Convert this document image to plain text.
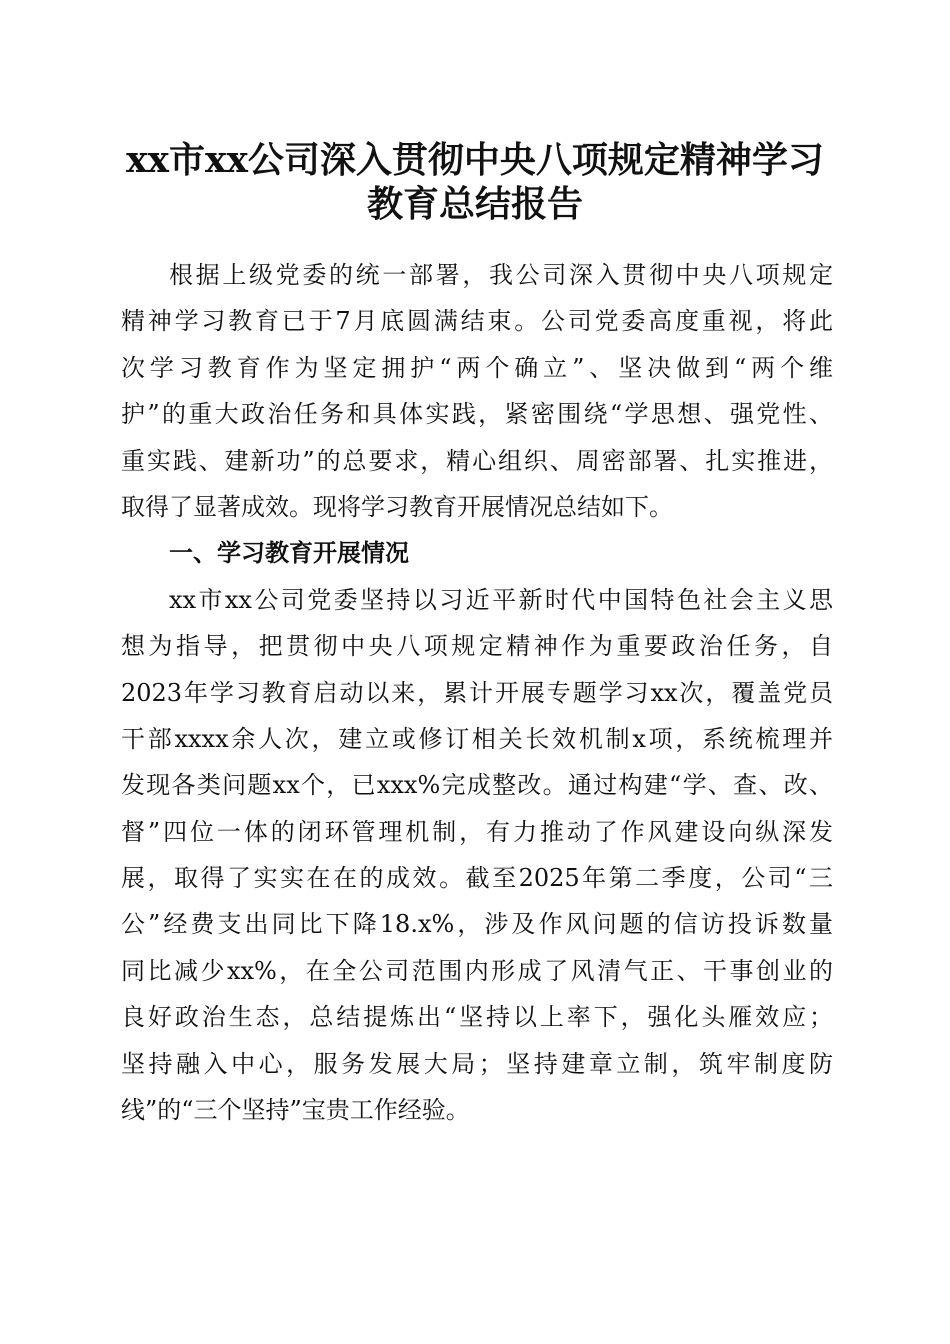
xx市xx公司深入贯彻中央八项规定精神学习
教育总结报告
根据上级党委的统一部署，我公司深入贯彻中央八项规定
精神学习教育已于7月底圆满结束。公司党委高度重视，将此
次学习教育作为坚定拥护“两个确立”、坚决做到“两个维
护”的重大政治任务和具体实践，紧密围绕“学思想、强党性、
重实践、建新功”的总要求，精心组织、周密部署、扎实推进，
取得了显著成效。现将学习教育开展情况总结如下。
一、学习教育开展情况
xx市xx公司党委坚持以习近平新时代中国特色社会主义思
想为指导，把贯彻中央八项规定精神作为重要政治任务，自
2023年学习教育启动以来，累计开展专题学习xx次，覆盖党员
干部xxxx余人次，建立或修订相关长效机制x项，系统梳理并
发现各类问题xx个，已xxx%完成整改。通过构建“学、查、改、
督”四位一体的闭环管理机制，有力推动了作风建设向纵深发
展，取得了实实在在的成效。截至2025年第二季度，公司“三
公”经费支出同比下降18.x%，涉及作风问题的信访投诉数量
同比减少xx%，在全公司范围内形成了风清气正、干事创业的
良好政治生态，总结提炼出“坚持以上率下，强化头雁效应；
坚持融入中心，服务发展大局；坚持建章立制，筑牢制度防
线”的“三个坚持”宝贵工作经验。
